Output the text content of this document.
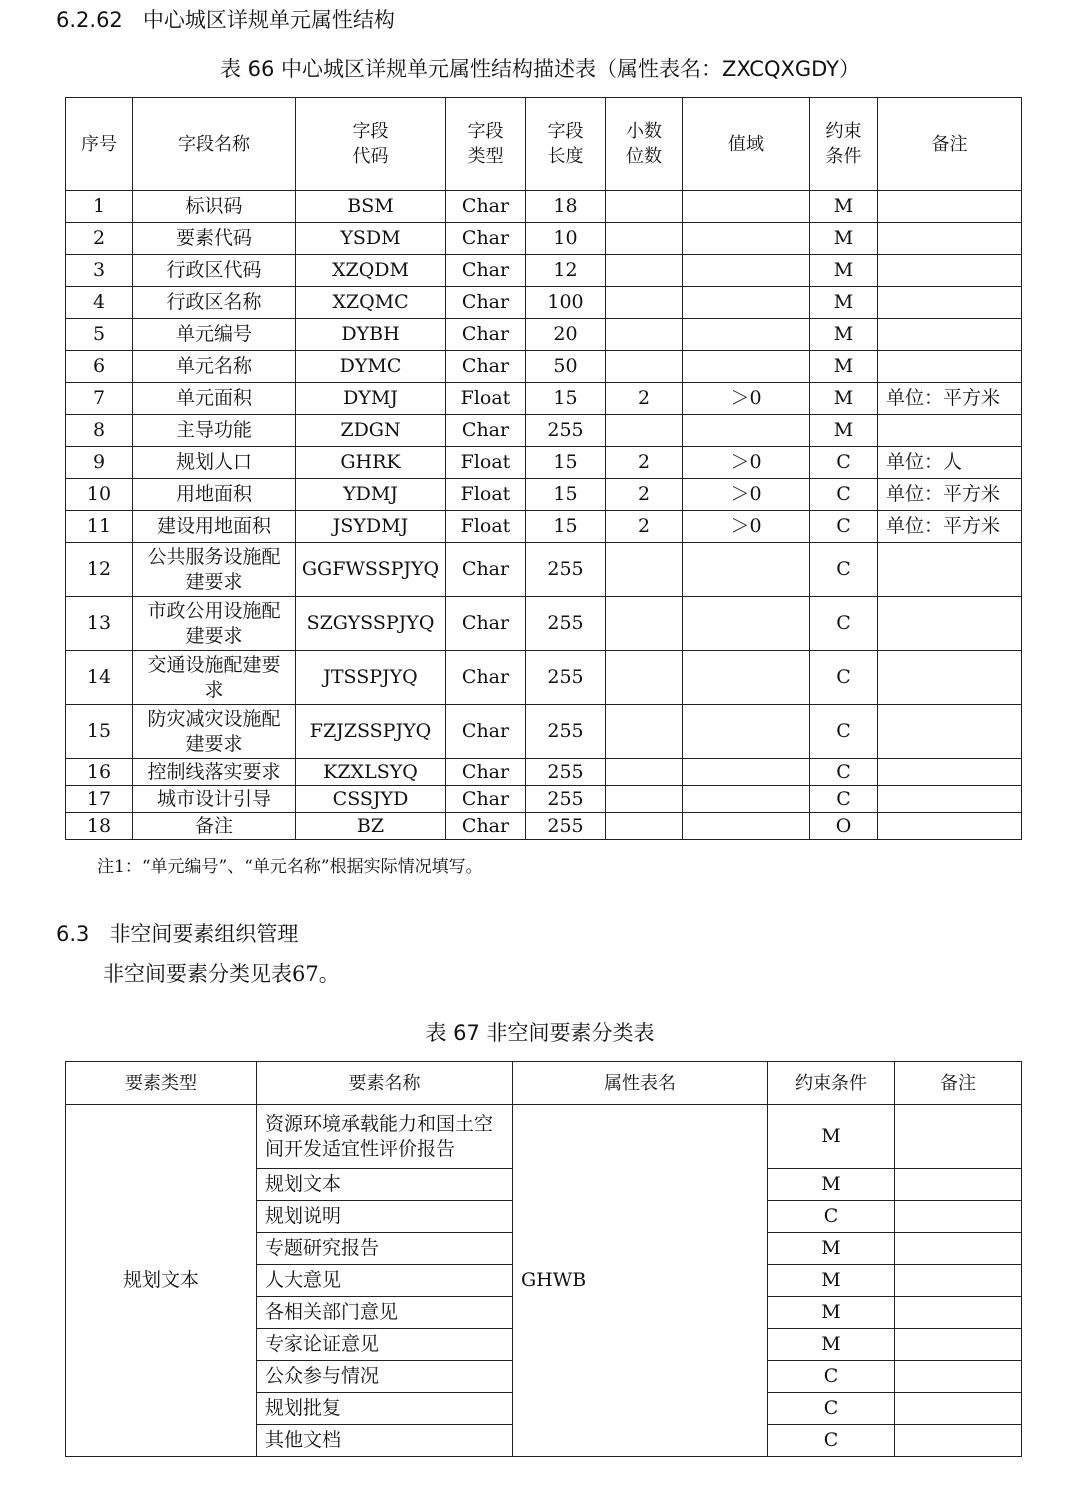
6.2.62 中心城区详规单元属性结构
表 66 中心城区详规单元属性结构描述表（属性表名：ZXCQXGDY）
序号	字段名称	字段代码	字段类型	字段长度	小数位数	值域	约束条件	备注
1	标识码	BSM	Char	18			M	
2	要素代码	YSDM	Char	10			M	
3	行政区代码	XZQDM	Char	12			M	
4	行政区名称	XZQMC	Char	100			M	
5	单元编号	DYBH	Char	20			M	
6	单元名称	DYMC	Char	50			M	
7	单元面积	DYMJ	Float	15	2	＞0	M	单位：平方米
8	主导功能	ZDGN	Char	255			M	
9	规划人口	GHRK	Float	15	2	＞0	C	单位：人
10	用地面积	YDMJ	Float	15	2	＞0	C	单位：平方米
11	建设用地面积	JSYDMJ	Float	15	2	＞0	C	单位：平方米
12	公共服务设施配建要求	GGFWSSPJYQ	Char	255			C	
13	市政公用设施配建要求	SZGYSSPJYQ	Char	255			C	
14	交通设施配建要求	JTSSPJYQ	Char	255			C	
15	防灾减灾设施配建要求	FZJZSSPJYQ	Char	255			C	
16	控制线落实要求	KZXLSYQ	Char	255			C	
17	城市设计引导	CSSJYD	Char	255			C	
18	备注	BZ	Char	255			O	
注1：“单元编号”、“单元名称”根据实际情况填写。
6.3 非空间要素组织管理
非空间要素分类见表67。
表 67 非空间要素分类表
要素类型	要素名称	属性表名	约束条件	备注
规划文本	资源环境承载能力和国土空间开发适宜性评价报告	GHWB	M	
	规划文本		M	
	规划说明		C	
	专题研究报告		M	
	人大意见		M	
	各相关部门意见		M	
	专家论证意见		M	
	公众参与情况		C	
	规划批复		C	
	其他文档		C	
